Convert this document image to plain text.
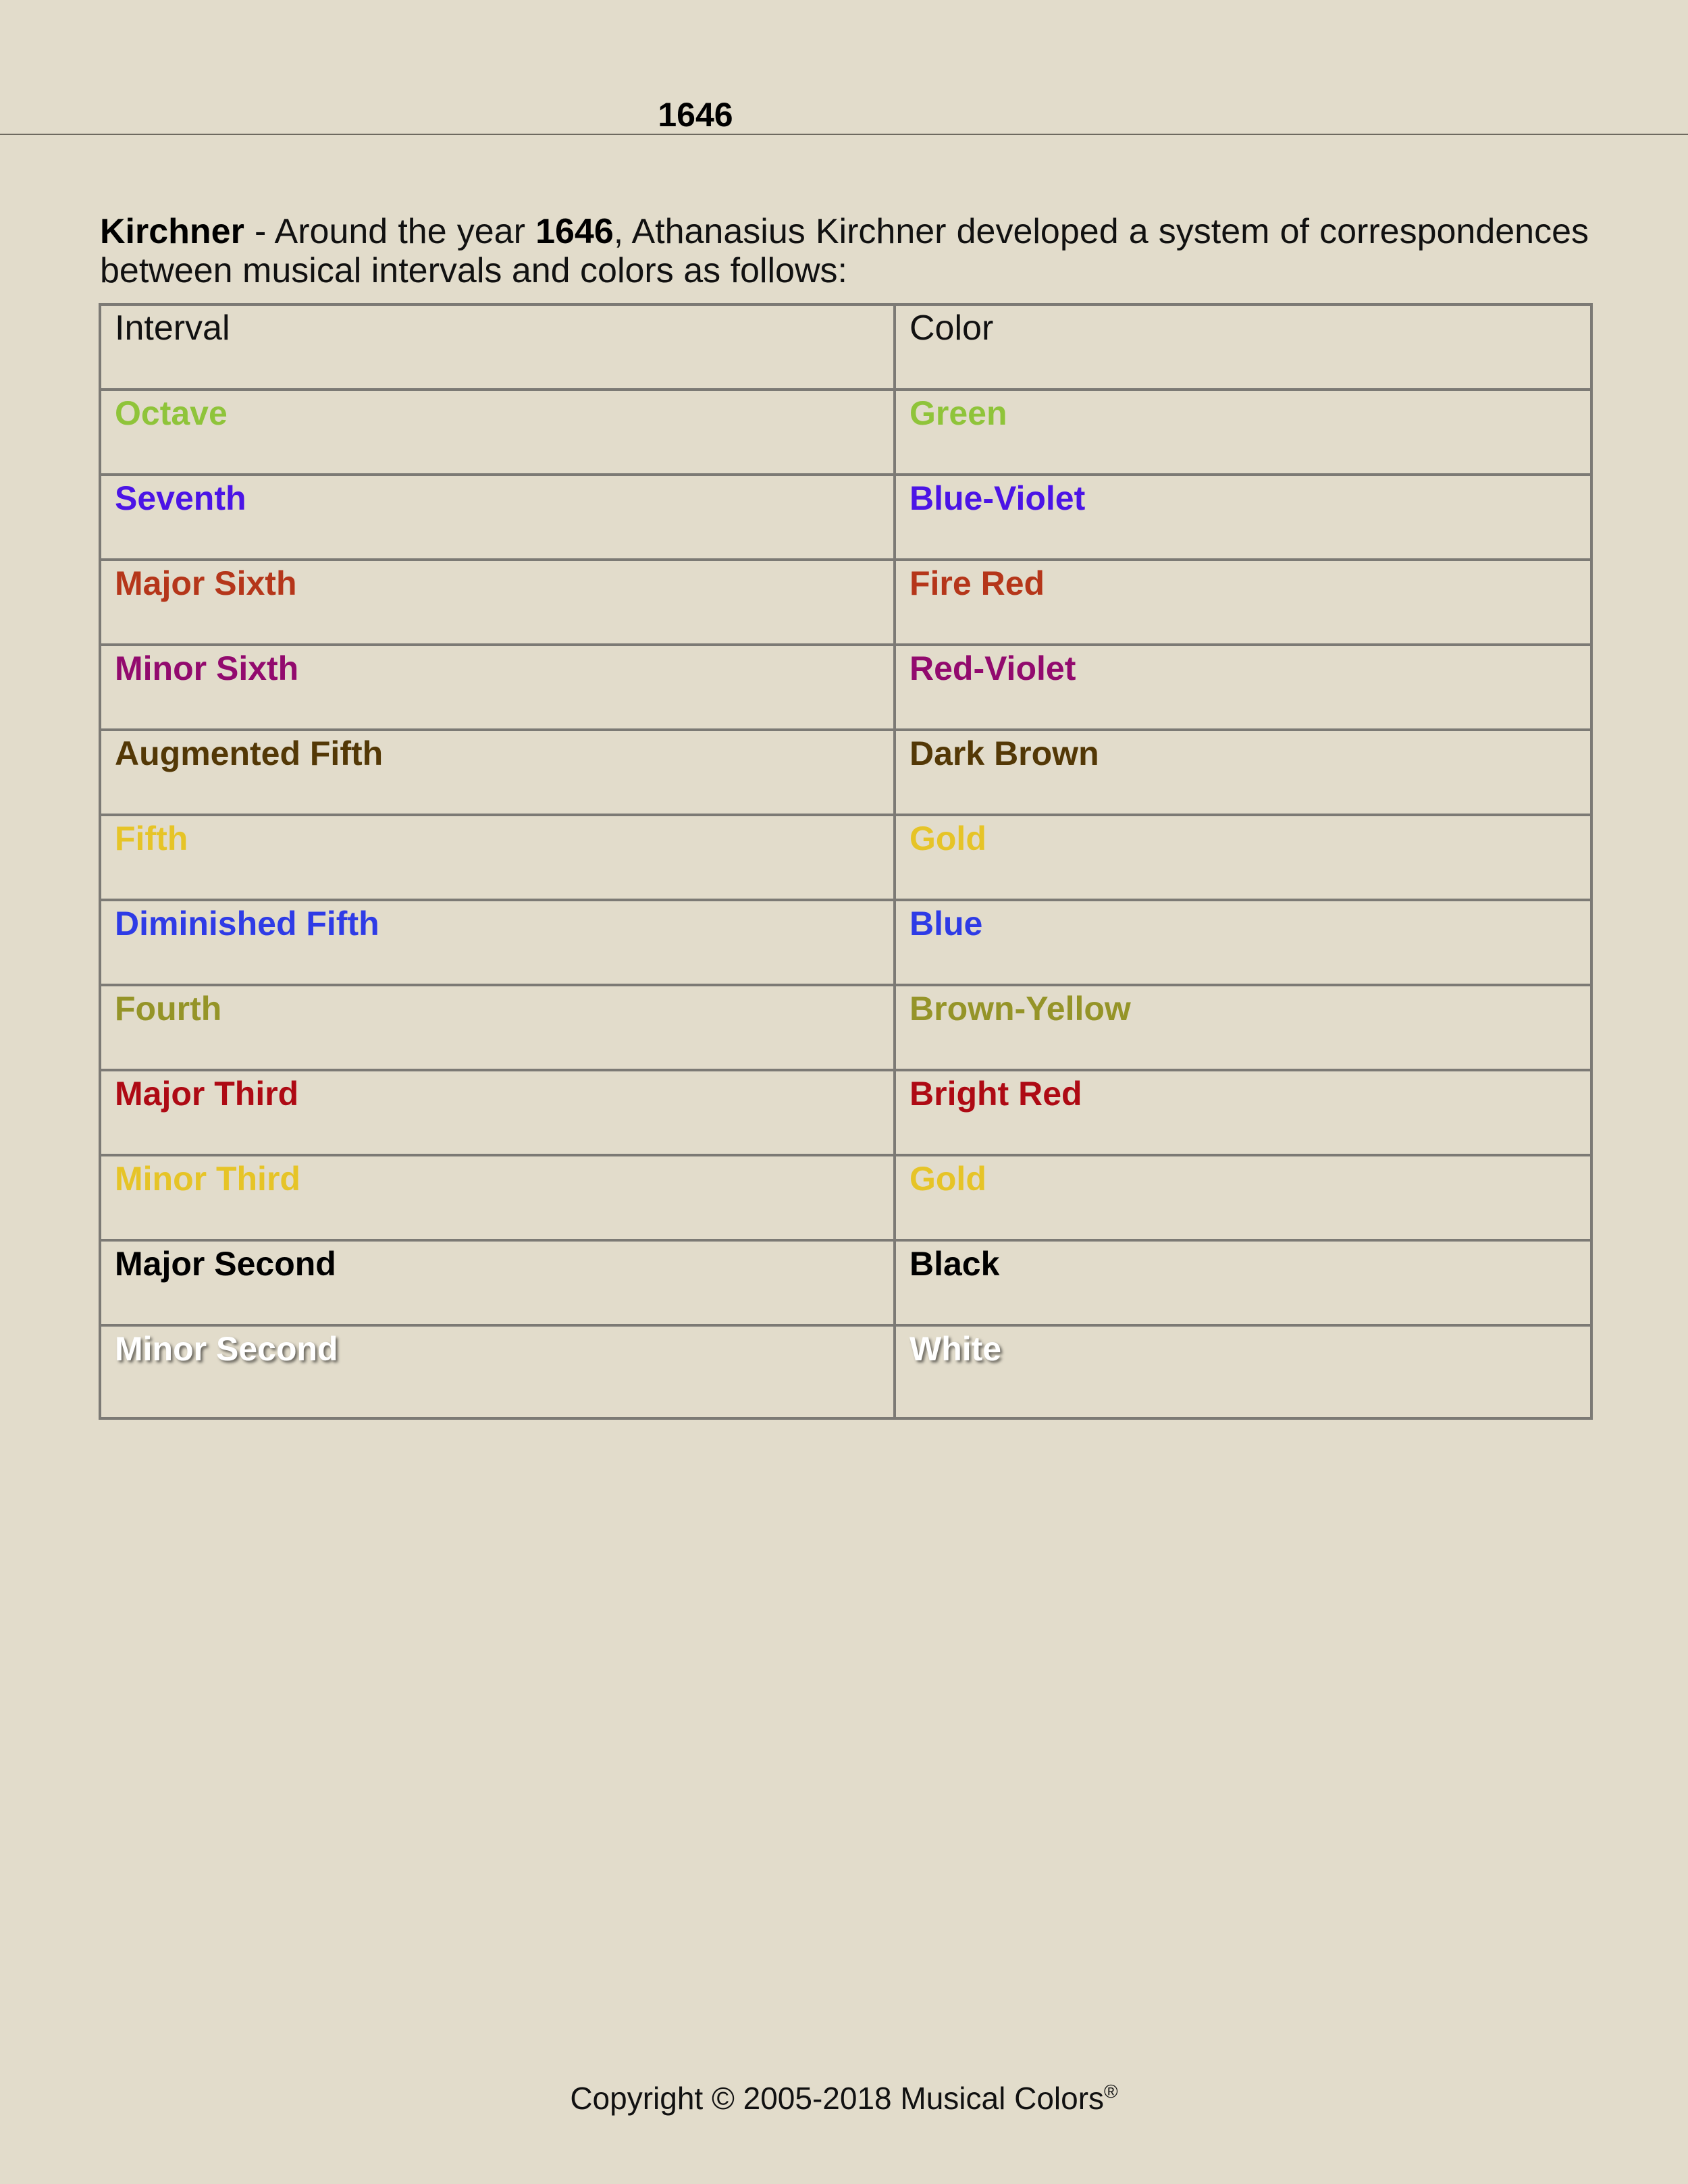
1646

Kirchner - Around the year 1646, Athanasius Kirchner developed a system of correspondences between musical intervals and colors as follows:

Interval	Color
Octave	Green
Seventh	Blue-Violet
Major Sixth	Fire Red
Minor Sixth	Red-Violet
Augmented Fifth	Dark Brown
Fifth	Gold
Diminished Fifth	Blue
Fourth	Brown-Yellow
Major Third	Bright Red
Minor Third	Gold
Major Second	Black
Minor Second	White
Copyright © 2005-2018 Musical Colors®
